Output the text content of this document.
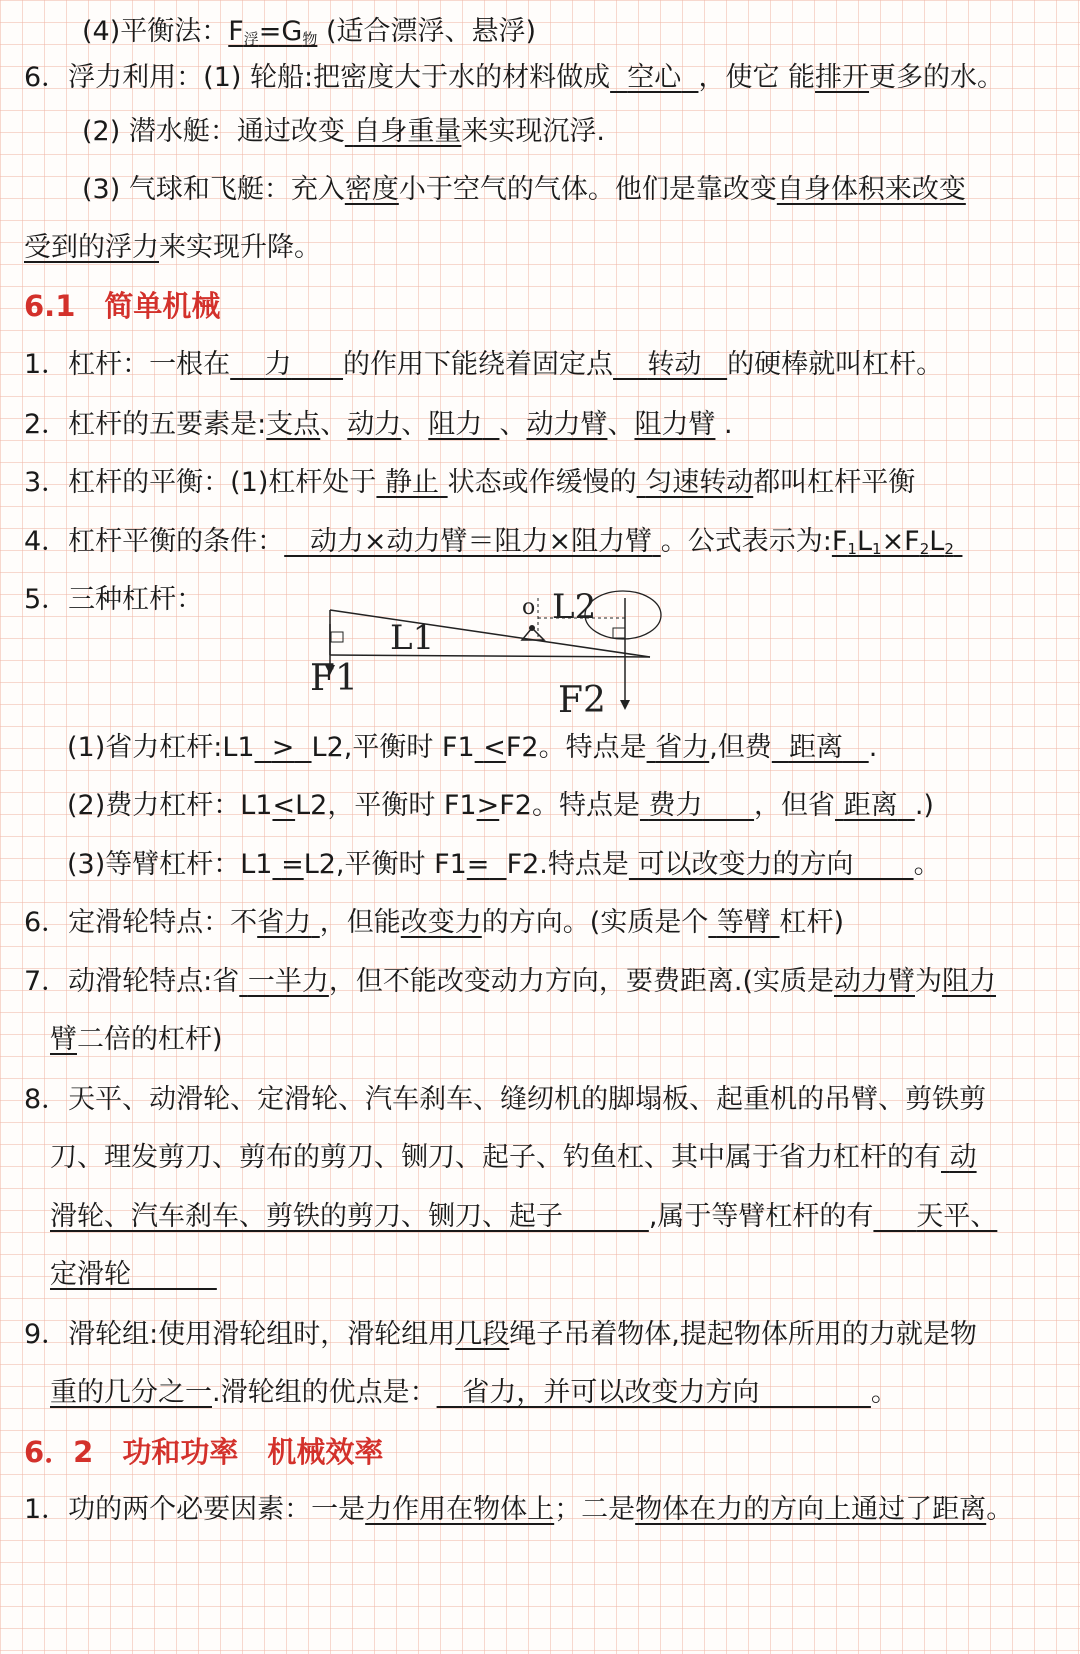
(4)平衡法：$F_浮=G_物$ (适合漂浮、悬浮)
6．浮力利用：(1) 轮船:把密度大于水的材料做成 空心 ，使它 能排开更多的水。
(2) 潜水艇：通过改变 自身重量来实现沉浮.
(3) 气球和飞艇：充入密度小于空气的气体。他们是靠改变自身体积来改变
受到的浮力来实现升降。
6.1　简单机械
1．杠杆：一根在 力 的作用下能绕着固定点 转动 的硬棒就叫杠杆。
2．杠杆的五要素是:支点、动力、阻力 、动力臂、阻力臂 .
3．杠杆的平衡：(1)杠杆处于 静止 状态或作缓慢的 匀速转动都叫杠杆平衡
4．杠杆平衡的条件： 动力×动力臂＝阻力×阻力臂 。公式表示为$:F_1L_1\times F_2L_2$
5．三种杠杆：	o L2
L1
F1
F2
(1)省力杠杆:L1 > L2,平衡时 F1 <F2。特点是 省力,但费 距离 .
(2)费力杠杆：L1<L2，平衡时 F1>F2。特点是 费力 ，但省 距离 .)
(3)等臂杠杆：L1 =L2,平衡时 F1= F2.特点是 可以改变力的方向 。
6．定滑轮特点：不省力 ，但能改变力的方向。(实质是个 等臂 杠杆)
7．动滑轮特点:省 一半力，但不能改变动力方向，要费距离.(实质是动力臂为阻力
臂二倍的杠杆)
8．天平、动滑轮、定滑轮、汽车刹车、缝纫机的脚塌板、起重机的吊臂、剪铁剪
刀、理发剪刀、剪布的剪刀、铡刀、起子、钓鱼杠、其中属于省力杠杆的有 动
滑轮、汽车刹车、剪铁的剪刀、铡刀、起子	,属于等臂杠杆的有 天平、
定滑轮
9．滑轮组:使用滑轮组时，滑轮组用几段绳子吊着物体,提起物体所用的力就是物
重的几分之一.滑轮组的优点是： 省力，并可以改变力方向	。
6．2　功和功率　机械效率
1．功的两个必要因素：一是力作用在物体上；二是物体在力的方向上通过了距离。
